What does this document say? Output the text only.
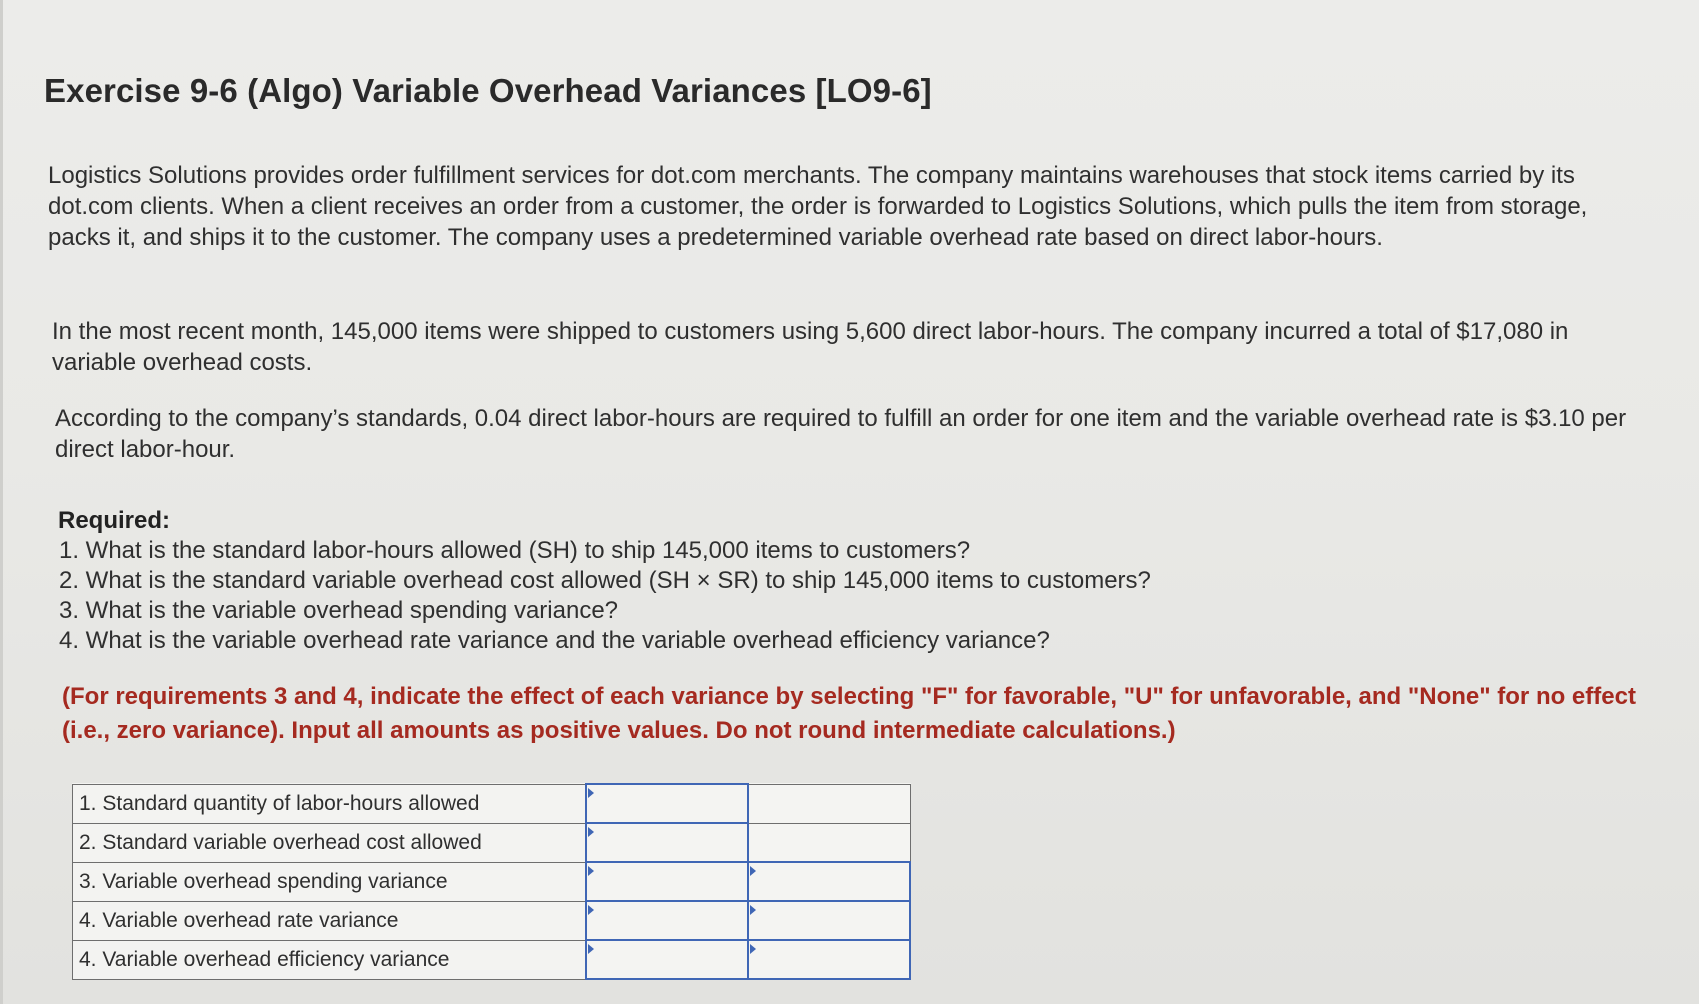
Exercise 9-6 (Algo) Variable Overhead Variances [LO9-6]
Logistics Solutions provides order fulfillment services for dot.com merchants. The company maintains warehouses that stock items carried by its dot.com clients. When a client receives an order from a customer, the order is forwarded to Logistics Solutions, which pulls the item from storage, packs it, and ships it to the customer. The company uses a predetermined variable overhead rate based on direct labor-hours.
In the most recent month, 145,000 items were shipped to customers using 5,600 direct labor-hours. The company incurred a total of $17,080 in variable overhead costs.
According to the company’s standards, 0.04 direct labor-hours are required to fulfill an order for one item and the variable overhead rate is $3.10 per direct labor-hour.
Required:
1. What is the standard labor-hours allowed (SH) to ship 145,000 items to customers?
2. What is the standard variable overhead cost allowed (SH × SR) to ship 145,000 items to customers?
3. What is the variable overhead spending variance?
4. What is the variable overhead rate variance and the variable overhead efficiency variance?
(For requirements 3 and 4, indicate the effect of each variance by selecting "F" for favorable, "U" for unfavorable, and "None" for no effect (i.e., zero variance). Input all amounts as positive values. Do not round intermediate calculations.)
1. Standard quantity of labor-hours allowed	

2. Standard variable overhead cost allowed	

3. Variable overhead spending variance	

4. Variable overhead rate variance	

4. Variable overhead efficiency variance	
